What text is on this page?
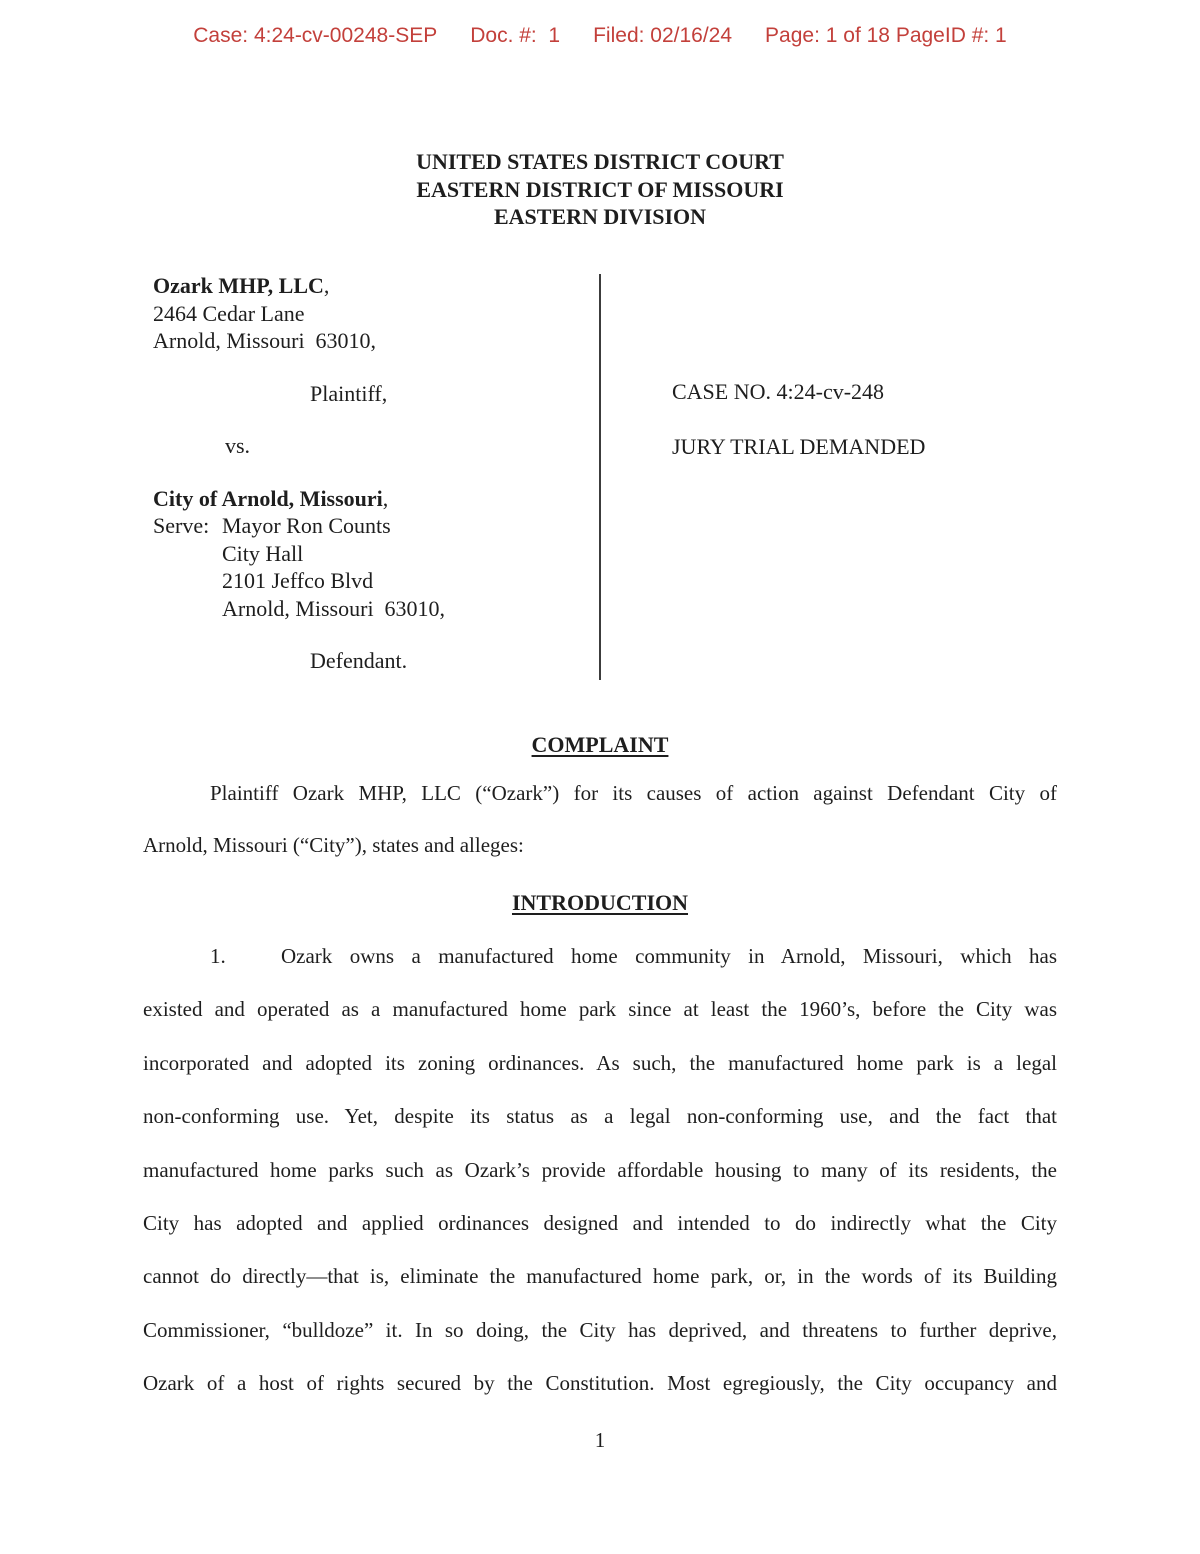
Case: 4:24-cv-00248-SEP Doc. #:  1 Filed: 02/16/24 Page: 1 of 18 PageID #: 1
UNITED STATES DISTRICT COURT
EASTERN DISTRICT OF MISSOURI
EASTERN DIVISION
Ozark MHP, LLC,
2464 Cedar Lane
Arnold, Missouri  63010,
Plaintiff,
vs.
City of Arnold, Missouri,
Serve: Mayor Ron Counts
City Hall
2101 Jeffco Blvd
Arnold, Missouri  63010,
Defendant.
CASE NO. 4:24-cv-248
JURY TRIAL DEMANDED
COMPLAINT
Plaintiff Ozark MHP, LLC (“Ozark”) for its causes of action against Defendant City of
Arnold, Missouri (“City”), states and alleges:
INTRODUCTION
1.	Ozark owns a manufactured home community in Arnold, Missouri, which has
existed and operated as a manufactured home park since at least the 1960’s, before the City was
incorporated and adopted its zoning ordinances. As such, the manufactured home park is a legal
non-conforming use. Yet, despite its status as a legal non-conforming use, and the fact that
manufactured home parks such as Ozark’s provide affordable housing to many of its residents, the
City has adopted and applied ordinances designed and intended to do indirectly what the City
cannot do directly—that is, eliminate the manufactured home park, or, in the words of its Building
Commissioner, “bulldoze” it. In so doing, the City has deprived, and threatens to further deprive,
Ozark of a host of rights secured by the Constitution. Most egregiously, the City occupancy and
1
